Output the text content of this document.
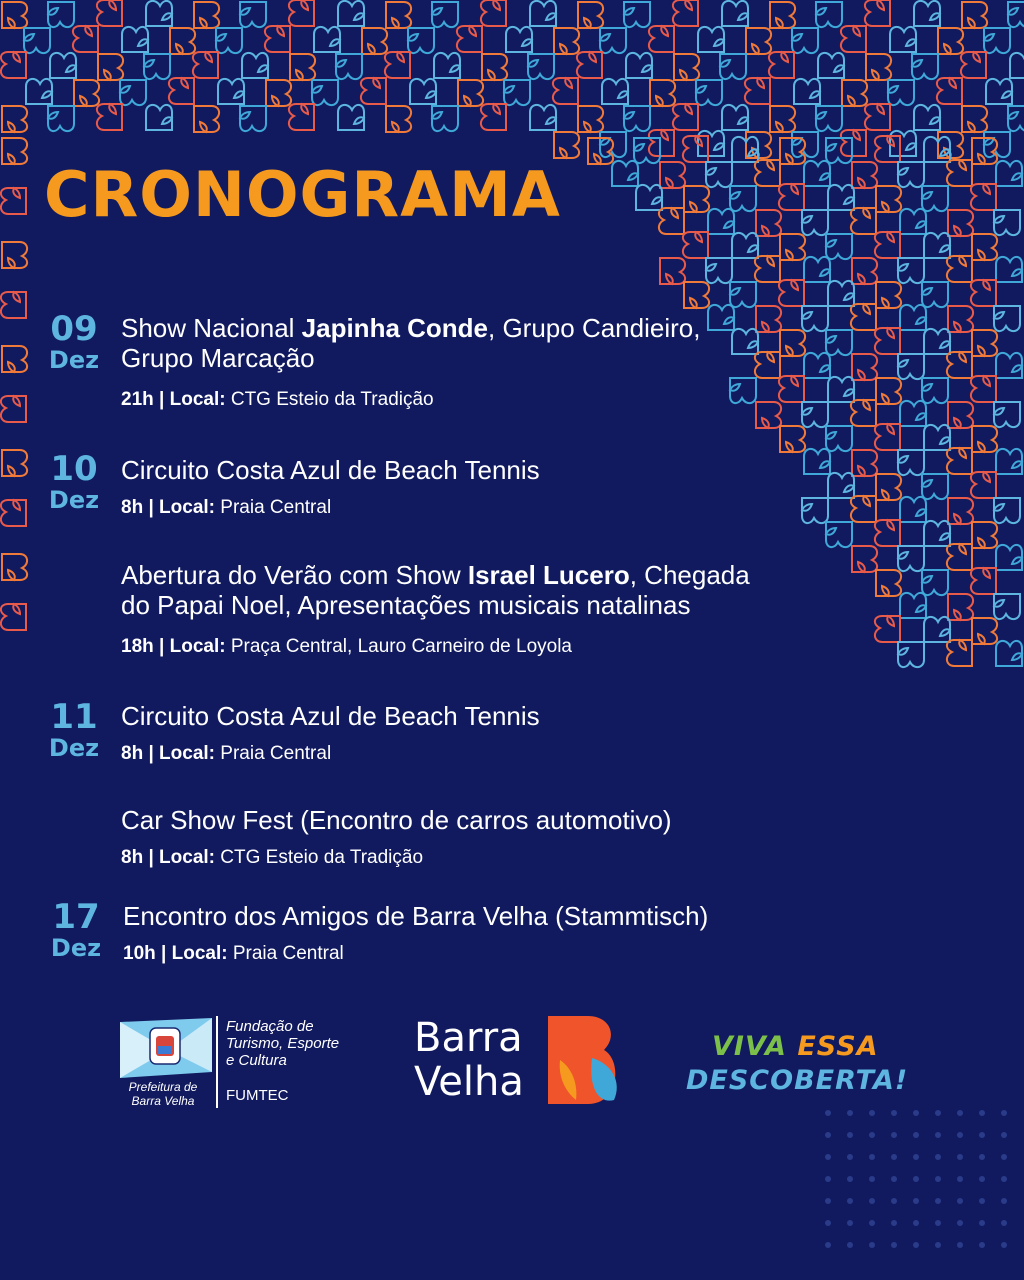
CRONOGRAMA
09
Dez
Show Nacional Japinha Conde, Grupo Candieiro,
Grupo Marcação
21h | Local: CTG Esteio da Tradição
10
Dez
Circuito Costa Azul de Beach Tennis
8h | Local: Praia Central
Abertura do Verão com Show Israel Lucero, Chegada
do Papai Noel, Apresentações musicais natalinas
18h | Local: Praça Central, Lauro Carneiro de Loyola
11
Dez
Circuito Costa Azul de Beach Tennis
8h | Local: Praia Central
Car Show Fest (Encontro de carros automotivo)
8h | Local: CTG Esteio da Tradição
17
Dez
Encontro dos Amigos de Barra Velha (Stammtisch)
10h | Local: Praia Central
Prefeitura de
Barra Velha
Fundação de
Turismo, Esporte
e Cultura
FUMTEC
Barra
Velha
VIVA ESSA
DESCOBERTA!
